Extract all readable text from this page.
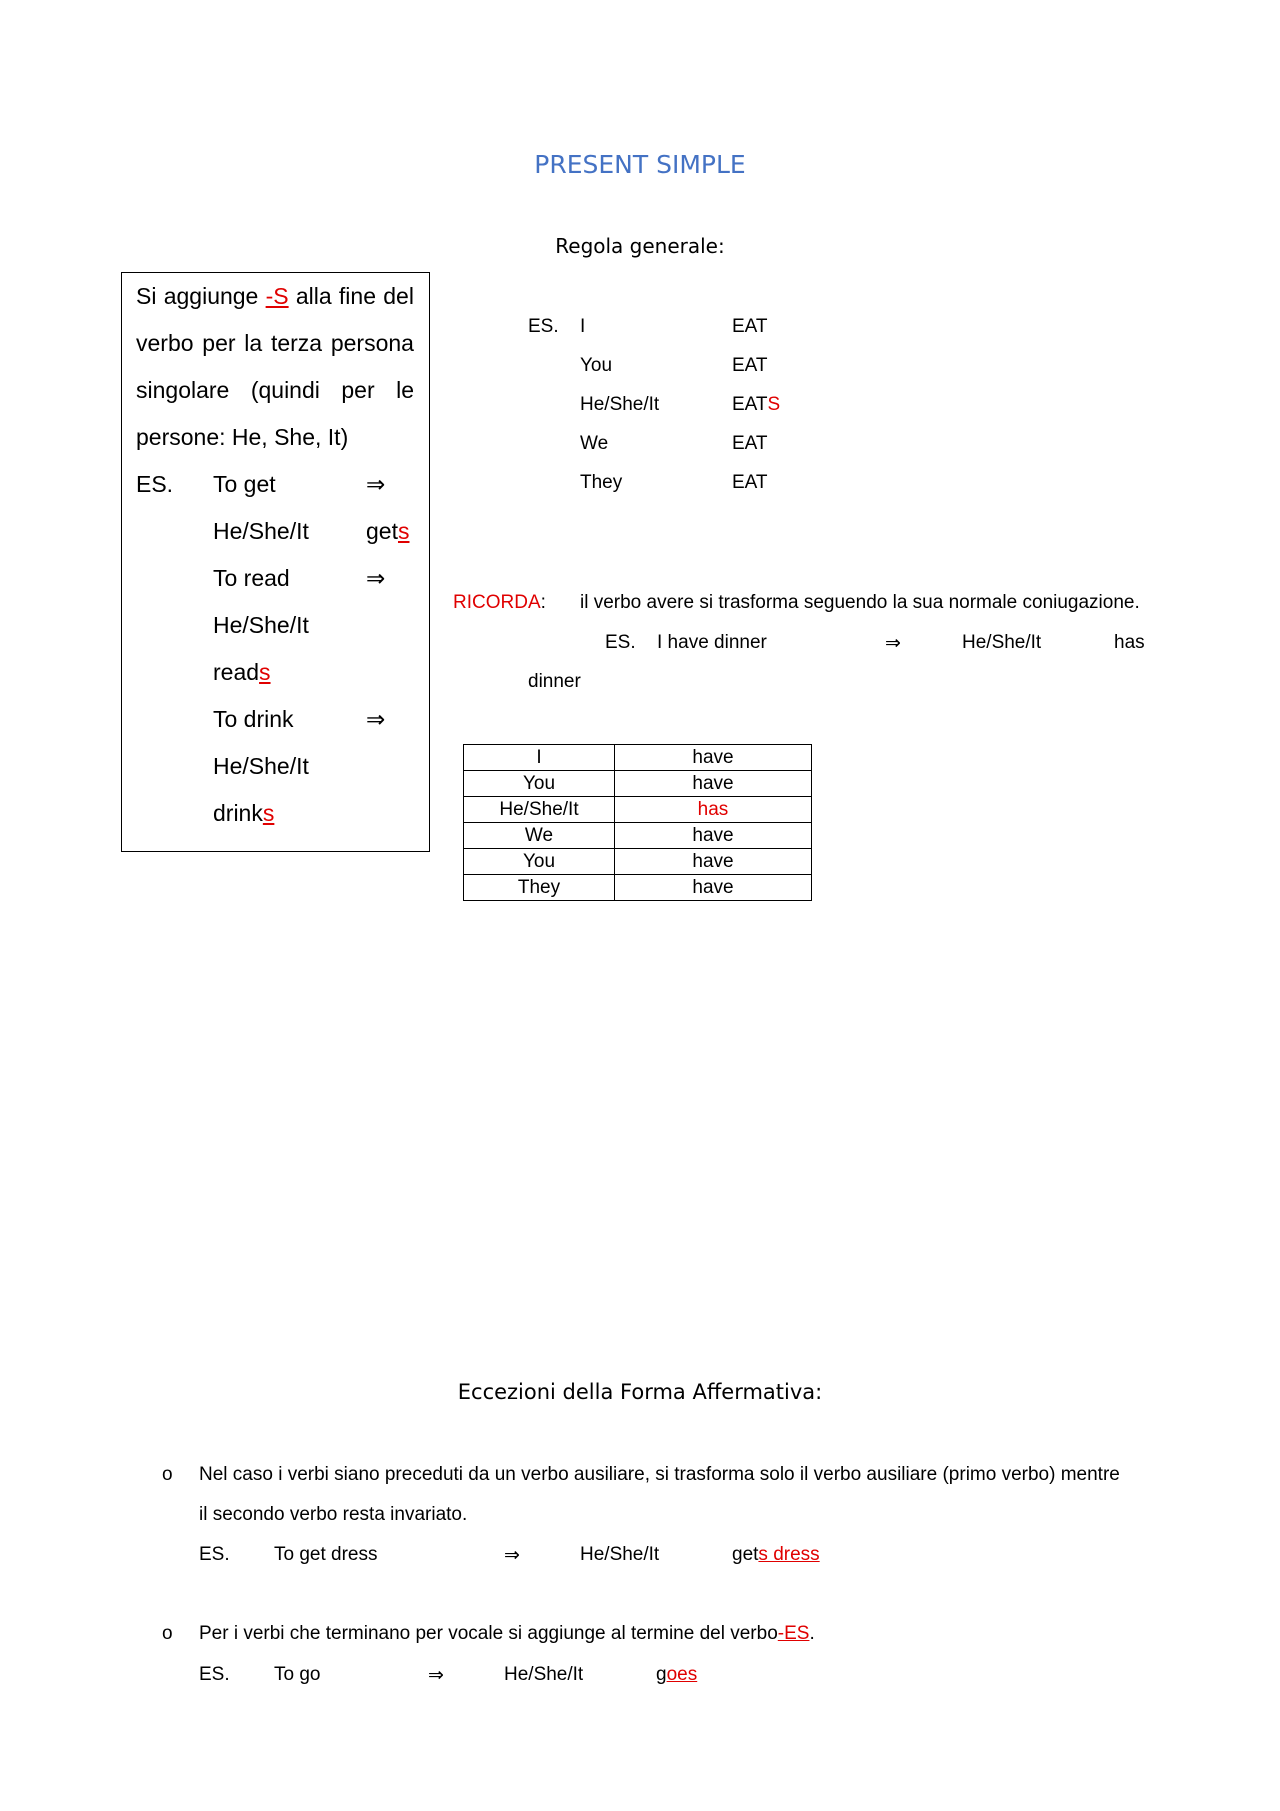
PRESENT SIMPLE
Regola generale:
Si aggiunge -S alla fine del
verbo per la terza persona
singolare (quindi per le
persone: He, She, It)
ES. To get	⇒
He/She/It gets
To read	⇒
He/She/It
reads
To drink	⇒
He/She/It
drinks
ES. I	EAT
You	EAT
He/She/It	EATS
We	EAT
They	EAT
RICORDA: il verbo avere si trasforma seguendo la sua normale coniugazione.
ES. I have dinner	⇒	He/She/It	has
dinner
I	have
You	have
He/She/It	has
We	have
You	have
They	have
Eccezioni della Forma Affermativa:
o Nel caso i verbi siano preceduti da un verbo ausiliare, si trasforma solo il verbo ausiliare (primo verbo) mentre
il secondo verbo resta invariato.
ES. To get dress	⇒	He/She/It	gets dress
o Per i verbi che terminano per vocale si aggiunge al termine del verbo-ES.
ES. To go	⇒	He/She/It	goes
